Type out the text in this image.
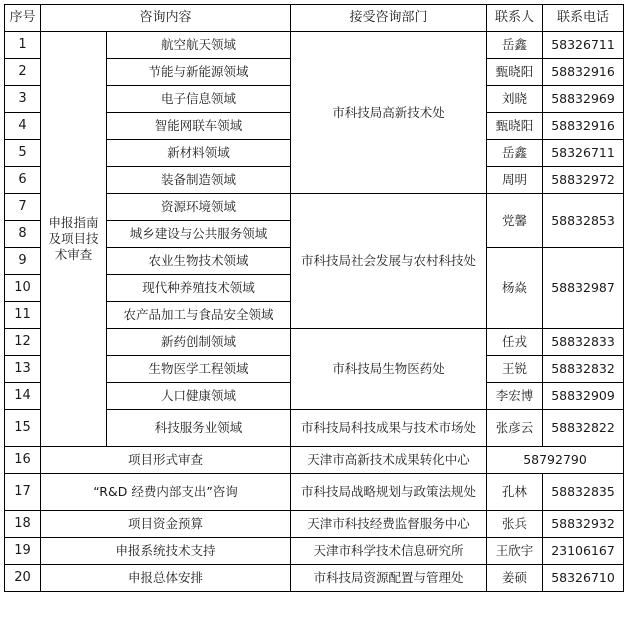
序号	咨询内容		接受咨询部门	联系人	联系电话
1	申报指南及项目技术审查	航空航天领域	市科技局高新技术处	岳鑫	58326711
2		节能与新能源领域		甄晓阳	58832916
3		电子信息领域		刘晓	58832969
4		智能网联车领域		甄晓阳	58832916
5		新材料领域		岳鑫	58326711
6		装备制造领域		周明	58832972
7		资源环境领域	市科技局社会发展与农村科技处	党馨	58832853
8		城乡建设与公共服务领域			
9		农业生物技术领域		杨焱	58832987
10		现代种养殖技术领域			
11		农产品加工与食品安全领域			
12		新药创制领域	市科技局生物医药处	任戎	58832833
13		生物医学工程领域		王锐	58832832
14		人口健康领域		李宏博	58832909
15		科技服务业领域	市科技局科技成果与技术市场处	张彦云	58832822
16	项目形式审查		天津市高新技术成果转化中心	58792790	
17	“R&D 经费内部支出”咨询		市科技局战略规划与政策法规处	孔林	58832835
18	项目资金预算		天津市科技经费监督服务中心	张兵	58832932
19	申报系统技术支持		天津市科学技术信息研究所	王欣宇	23106167
20	申报总体安排		市科技局资源配置与管理处	姜硕	58326710
